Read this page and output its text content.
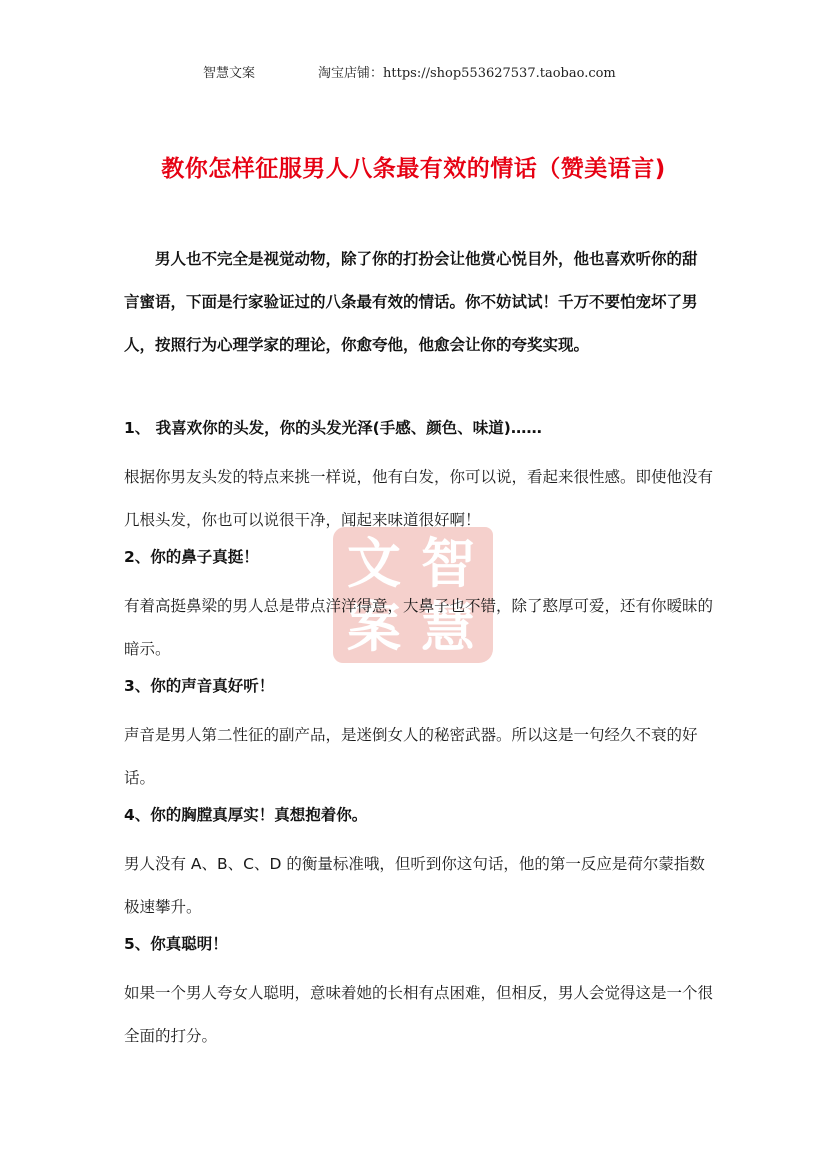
智慧文案	淘宝店铺：https://shop553627537.taobao.com
教你怎样征服男人八条最有效的情话（赞美语言)
男人也不完全是视觉动物，除了你的打扮会让他赏心悦目外，他也喜欢听你的甜言蜜语，下面是行家验证过的八条最有效的情话。你不妨试试！千万不要怕宠坏了男人，按照行为心理学家的理论，你愈夸他，他愈会让你的夸奖实现。
智
文
慧
案
1、 我喜欢你的头发，你的头发光泽(手感、颜色、味道)……
根据你男友头发的特点来挑一样说，他有白发，你可以说，看起来很性感。即使他没有几根头发，你也可以说很干净，闻起来味道很好啊！
2、你的鼻子真挺！
有着高挺鼻梁的男人总是带点洋洋得意，大鼻子也不错，除了憨厚可爱，还有你暧昧的暗示。
3、你的声音真好听！
声音是男人第二性征的副产品，是迷倒女人的秘密武器。所以这是一句经久不衰的好话。
4、你的胸膛真厚实！真想抱着你。
男人没有 A、B、C、D 的衡量标准哦，但听到你这句话，他的第一反应是荷尔蒙指数极速攀升。
5、你真聪明！
如果一个男人夸女人聪明，意味着她的长相有点困难，但相反，男人会觉得这是一个很全面的打分。
